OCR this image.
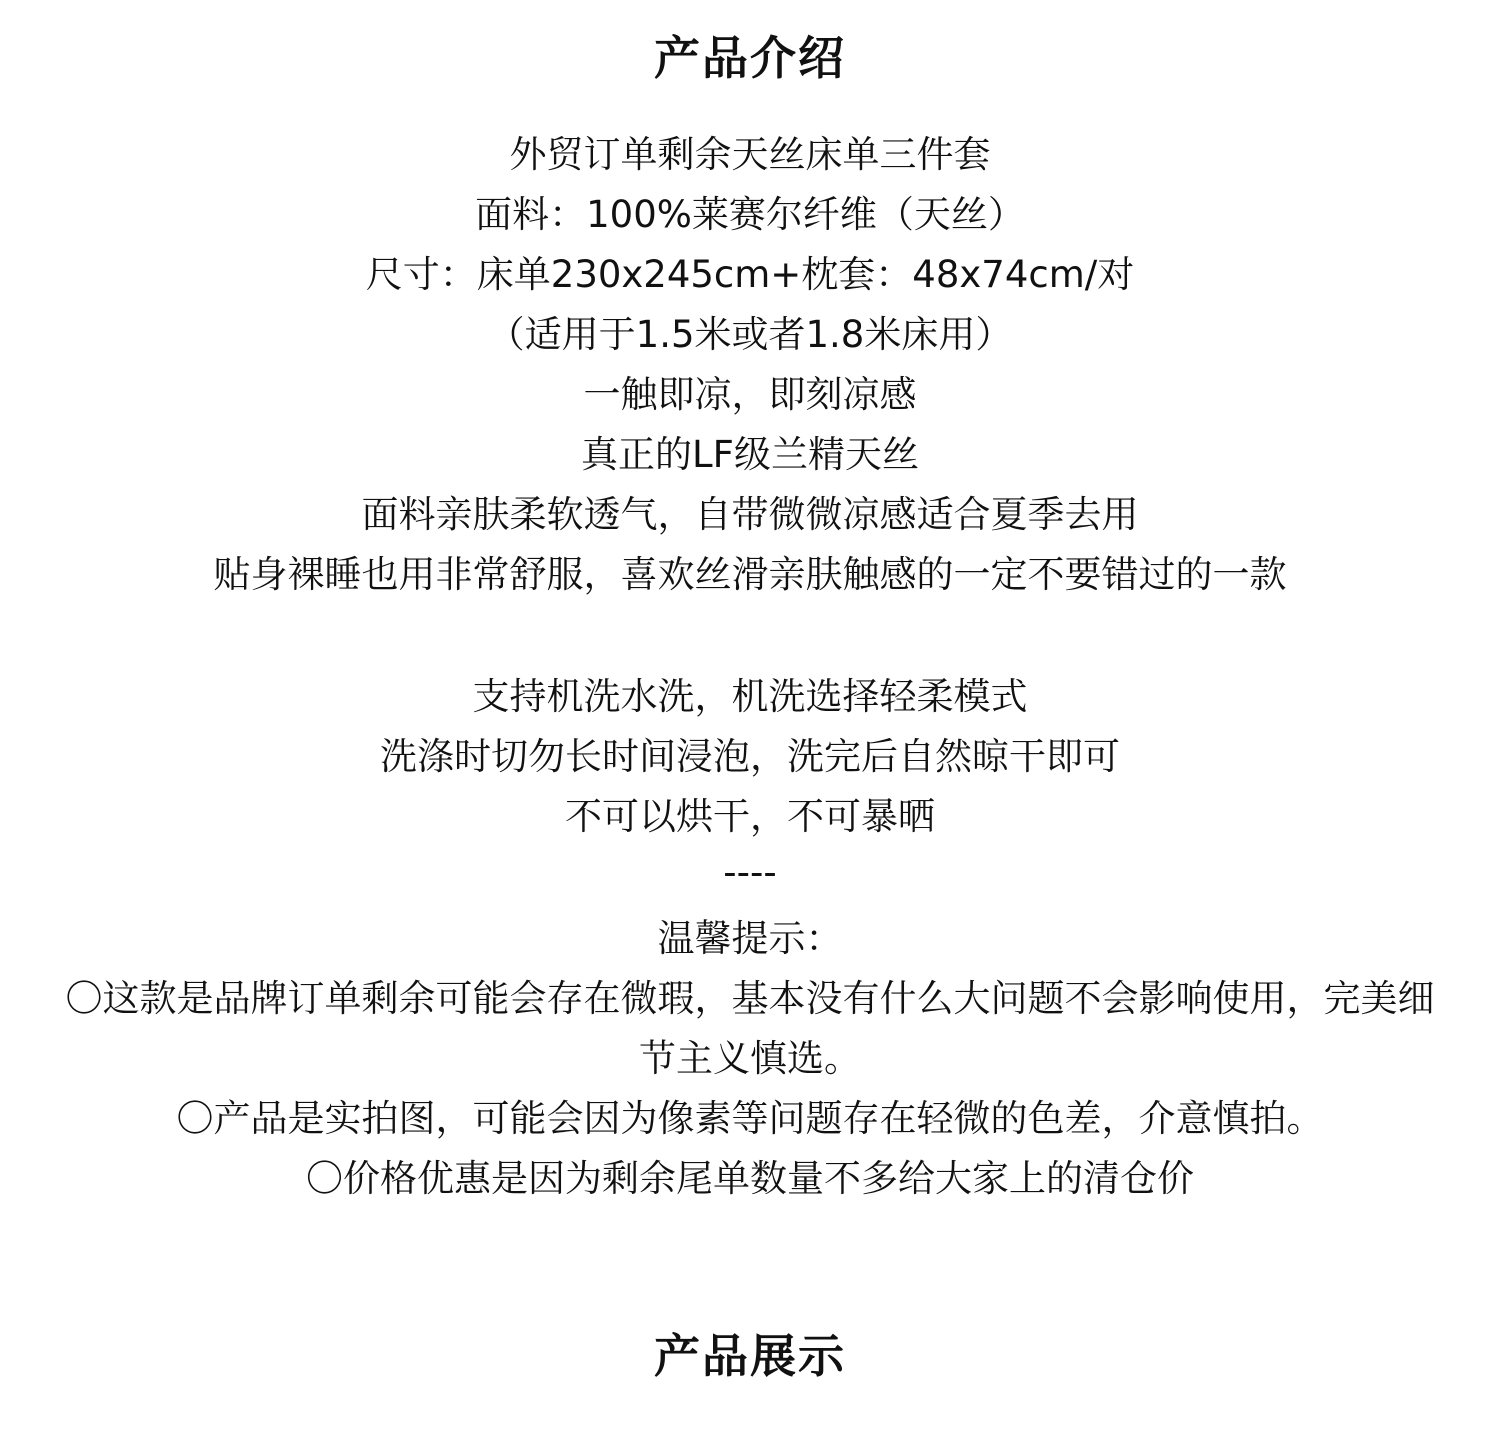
产品介绍
外贸订单剩余天丝床单三件套
面料：100%莱赛尔纤维（天丝）
尺寸：床单230x245cm+枕套：48x74cm/对
（适用于1.5米或者1.8米床用）
一触即凉，即刻凉感
真正的LF级兰精天丝
面料亲肤柔软透气，自带微微凉感适合夏季去用
贴身裸睡也用非常舒服，喜欢丝滑亲肤触感的一定不要错过的一款
支持机洗水洗，机洗选择轻柔模式
洗涤时切勿长时间浸泡，洗完后自然晾干即可
不可以烘干，不可暴晒
----
温馨提示：
〇这款是品牌订单剩余可能会存在微瑕，基本没有什么大问题不会影响使用，完美细
节主义慎选。
〇产品是实拍图，可能会因为像素等问题存在轻微的色差，介意慎拍。
〇价格优惠是因为剩余尾单数量不多给大家上的清仓价
产品展示
